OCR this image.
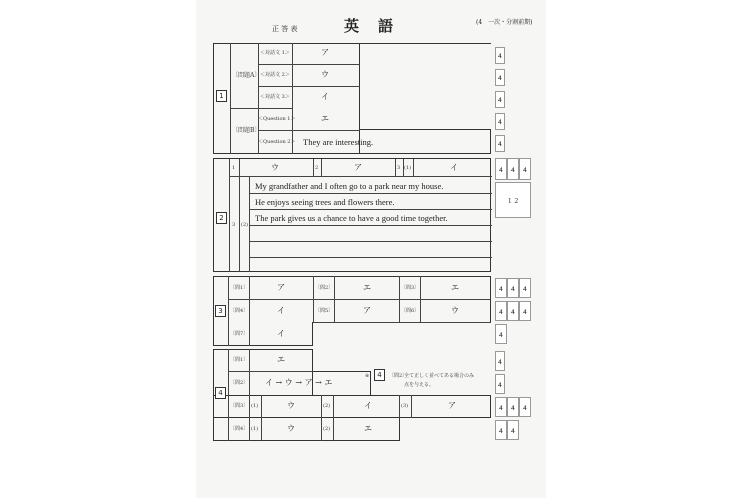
正 答 表	英　語	(4　一次・分割前期)
1
〔問題A〕
〔問題B〕
＜対話文 1＞	ア
＜対話文 2＞	ウ
＜対話文 3＞	イ
＜Question 1＞	エ
＜Question 2＞ They are interesting.
4
4
4
4
4
2
1	ウ	2	ア	3 (1)	イ
3 (2)
My grandfather and I often go to a park near my house.
He enjoys seeing trees and flowers there.
The park gives us a chance to have a good time together.
4	4	4
１２
3
〔問1〕	ア	〔問2〕	エ	〔問3〕	エ
〔問4〕	イ	〔問5〕	ア	〔問6〕	ウ
〔問7〕	イ
4	4	4
4	4	4
4
4
〔問1〕	エ
〔問2〕 イ → ウ → ア → エ
〔問3〕 (1)	ウ	(2)	イ	(3)	ア
〔問4〕 (1)	ウ	(2)	エ
※	4	〔問2〕
全て正しく並べてある場合のみ
点を与える。
4
4
4	4	4
4	4
